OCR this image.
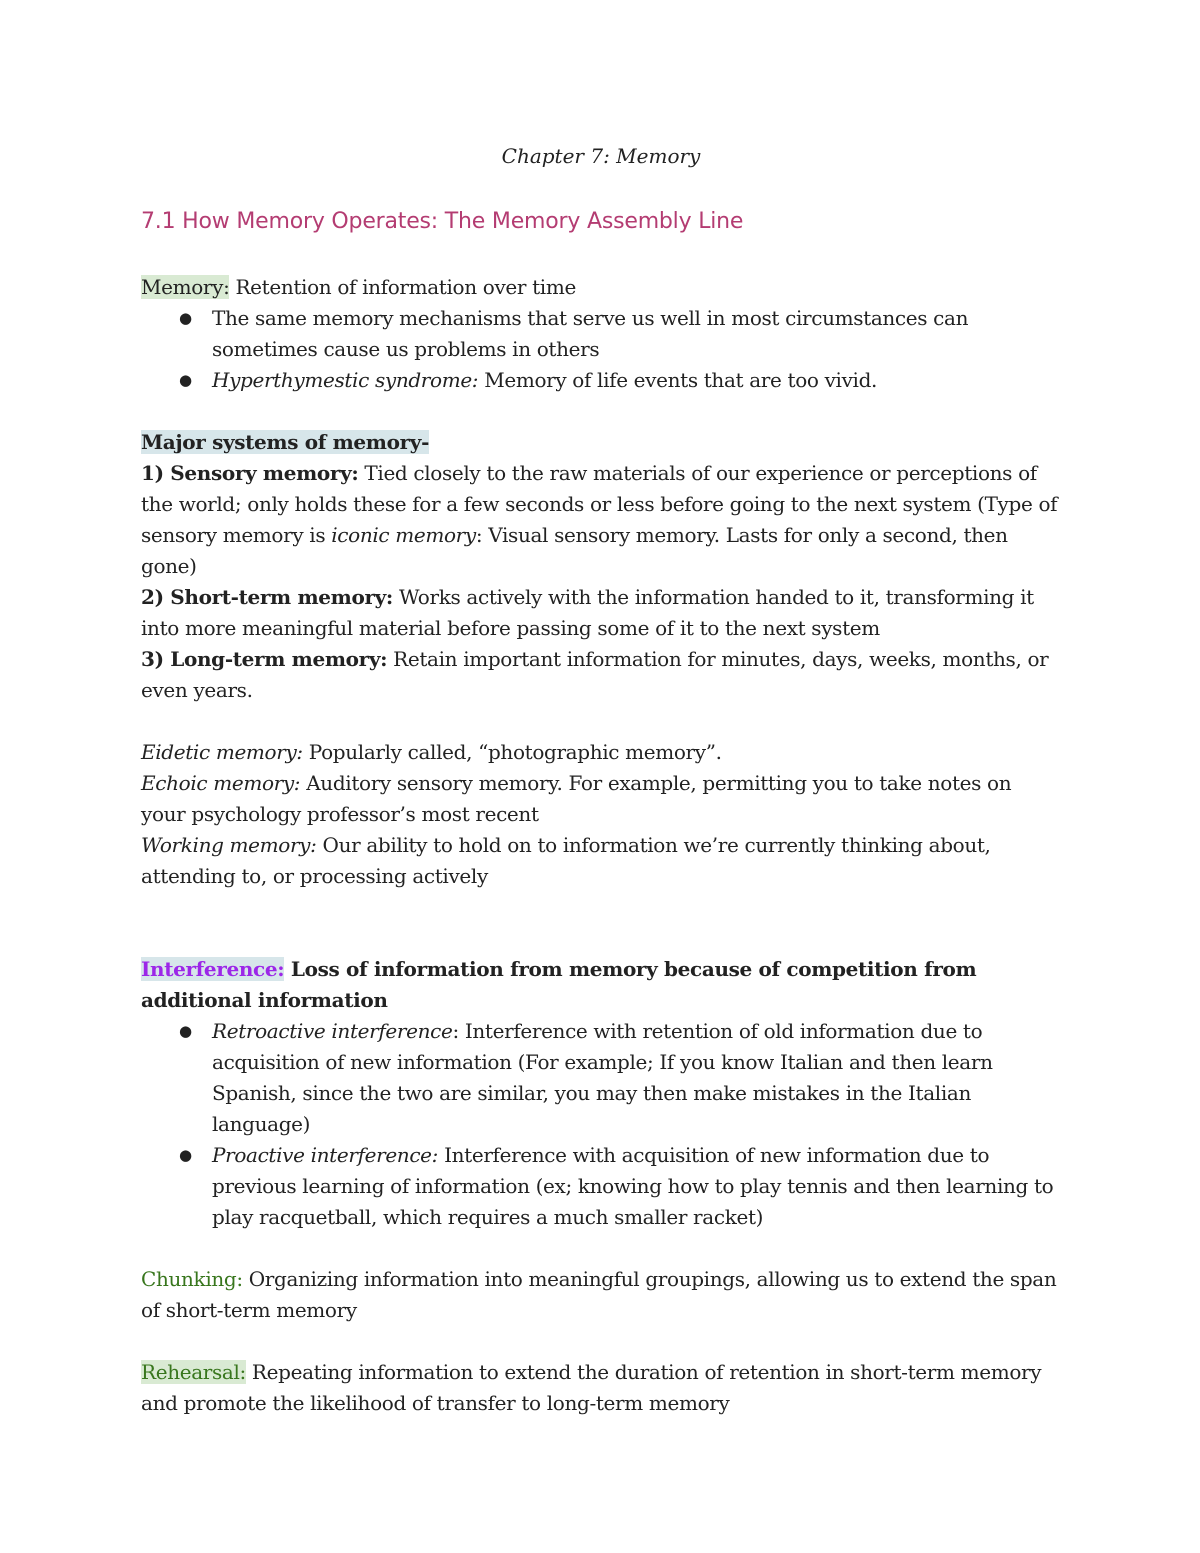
Chapter 7: Memory
7.1 How Memory Operates: The Memory Assembly Line

Memory: Retention of information over time

● The same memory mechanisms that serve us well in most circumstances can sometimes cause us problems in others
● Hyperthymestic syndrome: Memory of life events that are too vivid.

Major systems of memory-

1) Sensory memory: Tied closely to the raw materials of our experience or perceptions of the world; only holds these for a few seconds or less before going to the next system (Type of sensory memory is iconic memory: Visual sensory memory. Lasts for only a second, then gone)

2) Short-term memory: Works actively with the information handed to it, transforming it into more meaningful material before passing some of it to the next system

3) Long-term memory: Retain important information for minutes, days, weeks, months, or even years.

Eidetic memory: Popularly called, “photographic memory”.

Echoic memory: Auditory sensory memory. For example, permitting you to take notes on your psychology professor’s most recent

Working memory: Our ability to hold on to information we’re currently thinking about, attending to, or processing actively

Interference: Loss of information from memory because of competition from additional information

● Retroactive interference: Interference with retention of old information due to acquisition of new information (For example; If you know Italian and then learn Spanish, since the two are similar, you may then make mistakes in the Italian language)
● Proactive interference: Interference with acquisition of new information due to previous learning of information (ex; knowing how to play tennis and then learning to play racquetball, which requires a much smaller racket)

Chunking: Organizing information into meaningful groupings, allowing us to extend the span of short-term memory

Rehearsal: Repeating information to extend the duration of retention in short-term memory and promote the likelihood of transfer to long-term memory
